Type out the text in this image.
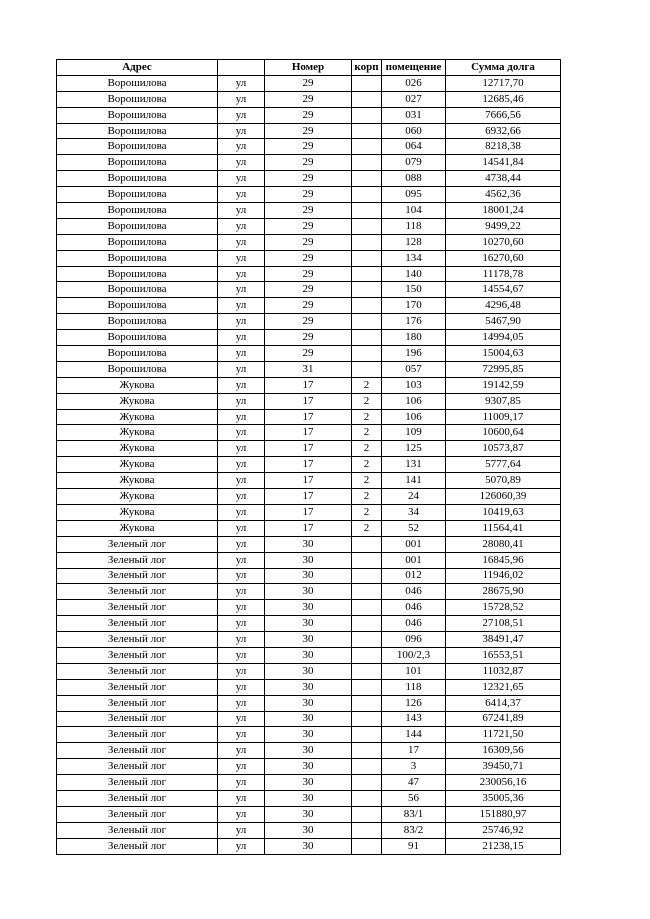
Адрес		Номер	корп	помещение	Сумма долга
Ворошилова	ул	29		026	12717,70
Ворошилова	ул	29		027	12685,46
Ворошилова	ул	29		031	7666,56
Ворошилова	ул	29		060	6932,66
Ворошилова	ул	29		064	8218,38
Ворошилова	ул	29		079	14541,84
Ворошилова	ул	29		088	4738,44
Ворошилова	ул	29		095	4562,36
Ворошилова	ул	29		104	18001,24
Ворошилова	ул	29		118	9499,22
Ворошилова	ул	29		128	10270,60
Ворошилова	ул	29		134	16270,60
Ворошилова	ул	29		140	11178,78
Ворошилова	ул	29		150	14554,67
Ворошилова	ул	29		170	4296,48
Ворошилова	ул	29		176	5467,90
Ворошилова	ул	29		180	14994,05
Ворошилова	ул	29		196	15004,63
Ворошилова	ул	31		057	72995,85
Жукова	ул	17	2	103	19142,59
Жукова	ул	17	2	106	9307,85
Жукова	ул	17	2	106	11009,17
Жукова	ул	17	2	109	10600,64
Жукова	ул	17	2	125	10573,87
Жукова	ул	17	2	131	5777,64
Жукова	ул	17	2	141	5070,89
Жукова	ул	17	2	24	126060,39
Жукова	ул	17	2	34	10419,63
Жукова	ул	17	2	52	11564,41
Зеленый лог	ул	30		001	28080,41
Зеленый лог	ул	30		001	16845,96
Зеленый лог	ул	30		012	11946,02
Зеленый лог	ул	30		046	28675,90
Зеленый лог	ул	30		046	15728,52
Зеленый лог	ул	30		046	27108,51
Зеленый лог	ул	30		096	38491,47
Зеленый лог	ул	30		100/2,3	16553,51
Зеленый лог	ул	30		101	11032,87
Зеленый лог	ул	30		118	12321,65
Зеленый лог	ул	30		126	6414,37
Зеленый лог	ул	30		143	67241,89
Зеленый лог	ул	30		144	11721,50
Зеленый лог	ул	30		17	16309,56
Зеленый лог	ул	30		3	39450,71
Зеленый лог	ул	30		47	230056,16
Зеленый лог	ул	30		56	35005,36
Зеленый лог	ул	30		83/1	151880,97
Зеленый лог	ул	30		83/2	25746,92
Зеленый лог	ул	30		91	21238,15
